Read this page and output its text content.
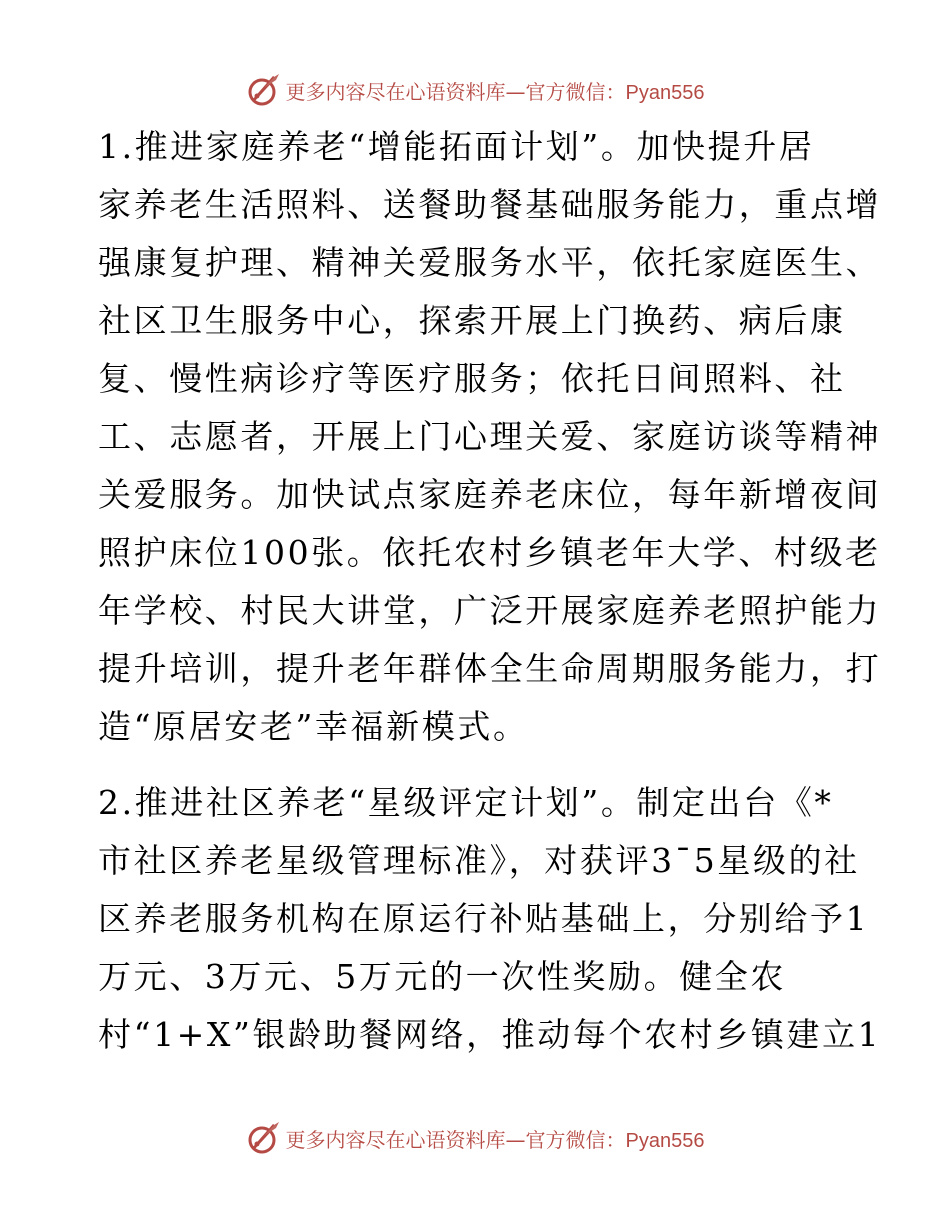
更多内容尽在心语资料库—官方微信：Pyan556
1.推进家庭养老“增能拓面计划”。加快提升居
家养老生活照料、送餐助餐基础服务能力，重点增
强康复护理、精神关爱服务水平，依托家庭医生、
社区卫生服务中心，探索开展上门换药、病后康
复、慢性病诊疗等医疗服务；依托日间照料、社
工、志愿者，开展上门心理关爱、家庭访谈等精神
关爱服务。加快试点家庭养老床位，每年新增夜间
照护床位100张。依托农村乡镇老年大学、村级老
年学校、村民大讲堂，广泛开展家庭养老照护能力
提升培训，提升老年群体全生命周期服务能力，打
造“原居安老”幸福新模式。
2.推进社区养老“星级评定计划”。制定出台《*
市社区养老星级管理标准》，对获评3¯5星级的社
区养老服务机构在原运行补贴基础上，分别给予1
万元、3万元、5万元的一次性奖励。健全农
村“1+X”银龄助餐网络，推动每个农村乡镇建立1
更多内容尽在心语资料库—官方微信：Pyan556
